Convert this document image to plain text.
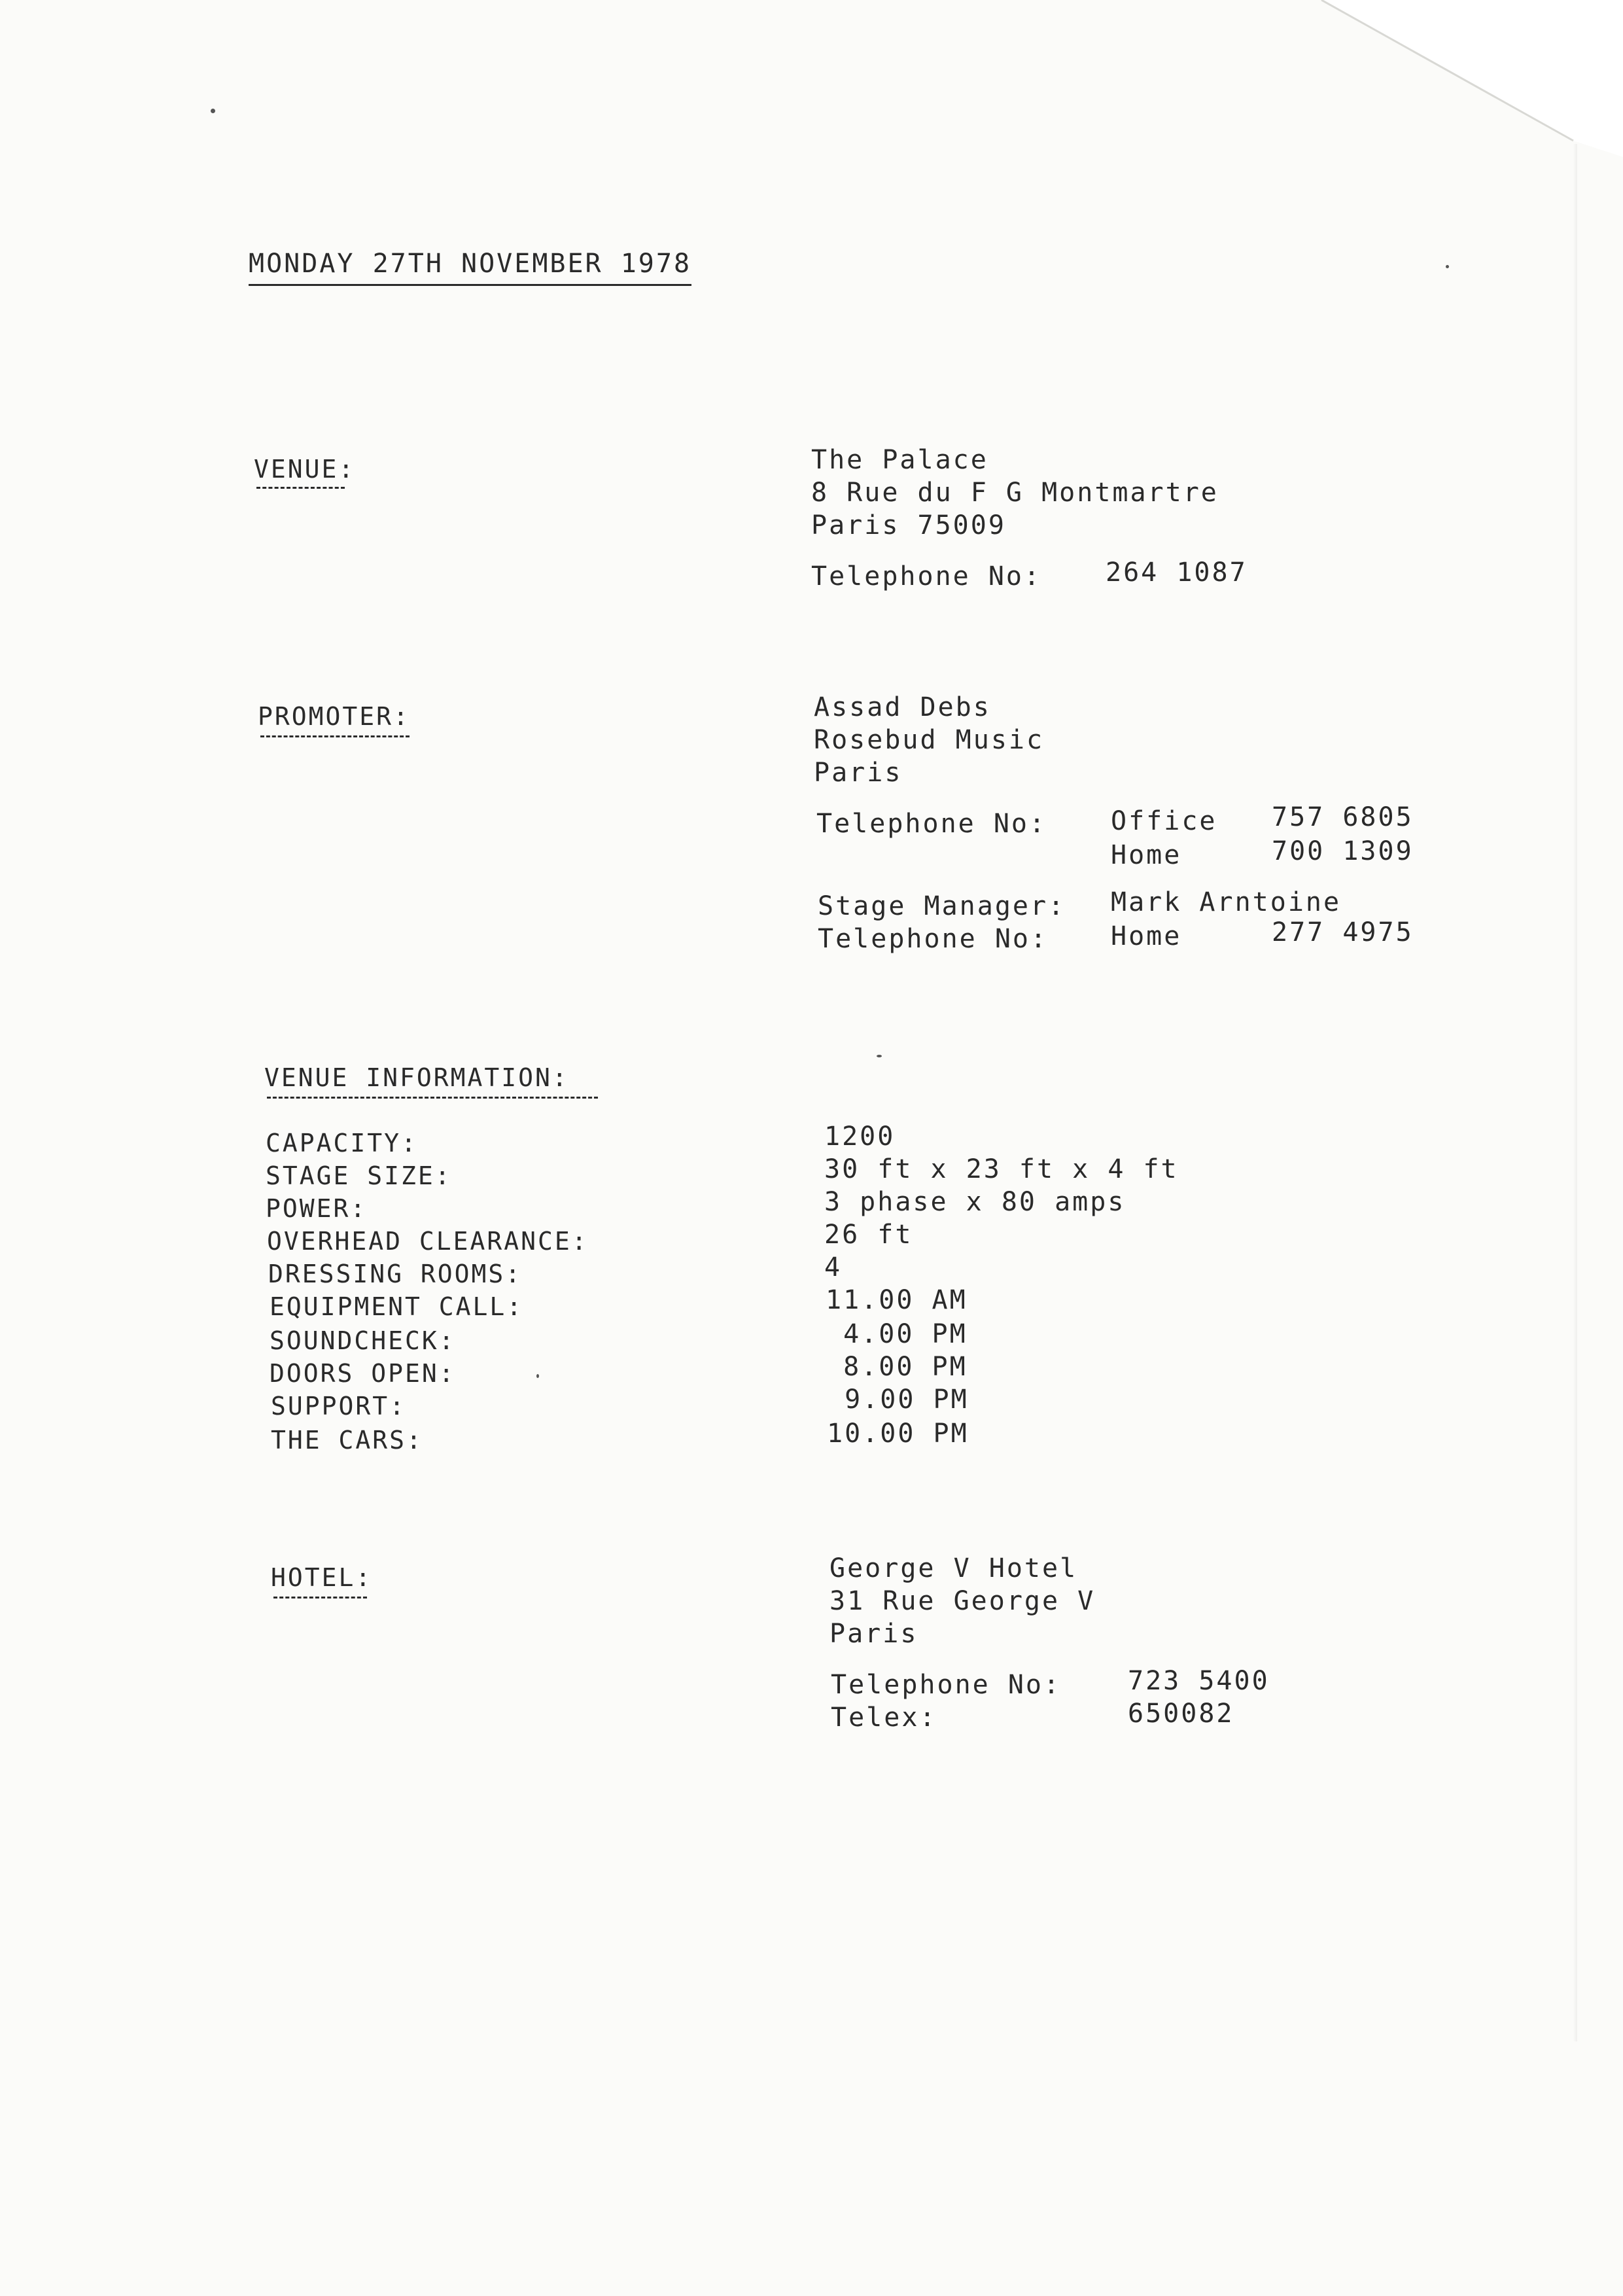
MONDAY 27TH NOVEMBER 1978
VENUE:	The Palace
8 Rue du F G Montmartre
Paris 75009
Telephone No: 264 1087
PROMOTER:	Assad Debs
Rosebud Music
Paris
Telephone No: Office 757 6805
Home	700 1309
Stage Manager: Mark Arntoine
Telephone No: Home	277 4975
VENUE INFORMATION:
CAPACITY:	1200
STAGE SIZE:	30 ft x 23 ft x 4 ft
POWER:	3 phase x 80 amps
OVERHEAD CLEARANCE:	26 ft
DRESSING ROOMS:	4
EQUIPMENT CALL:	11.00 AM
SOUNDCHECK:	4.00 PM
DOORS OPEN:	8.00 PM
SUPPORT:	9.00 PM
THE CARS:	10.00 PM
HOTEL:	George V Hotel
31 Rue George V
Paris
Telephone No:	723 5400
Telex:	650082
